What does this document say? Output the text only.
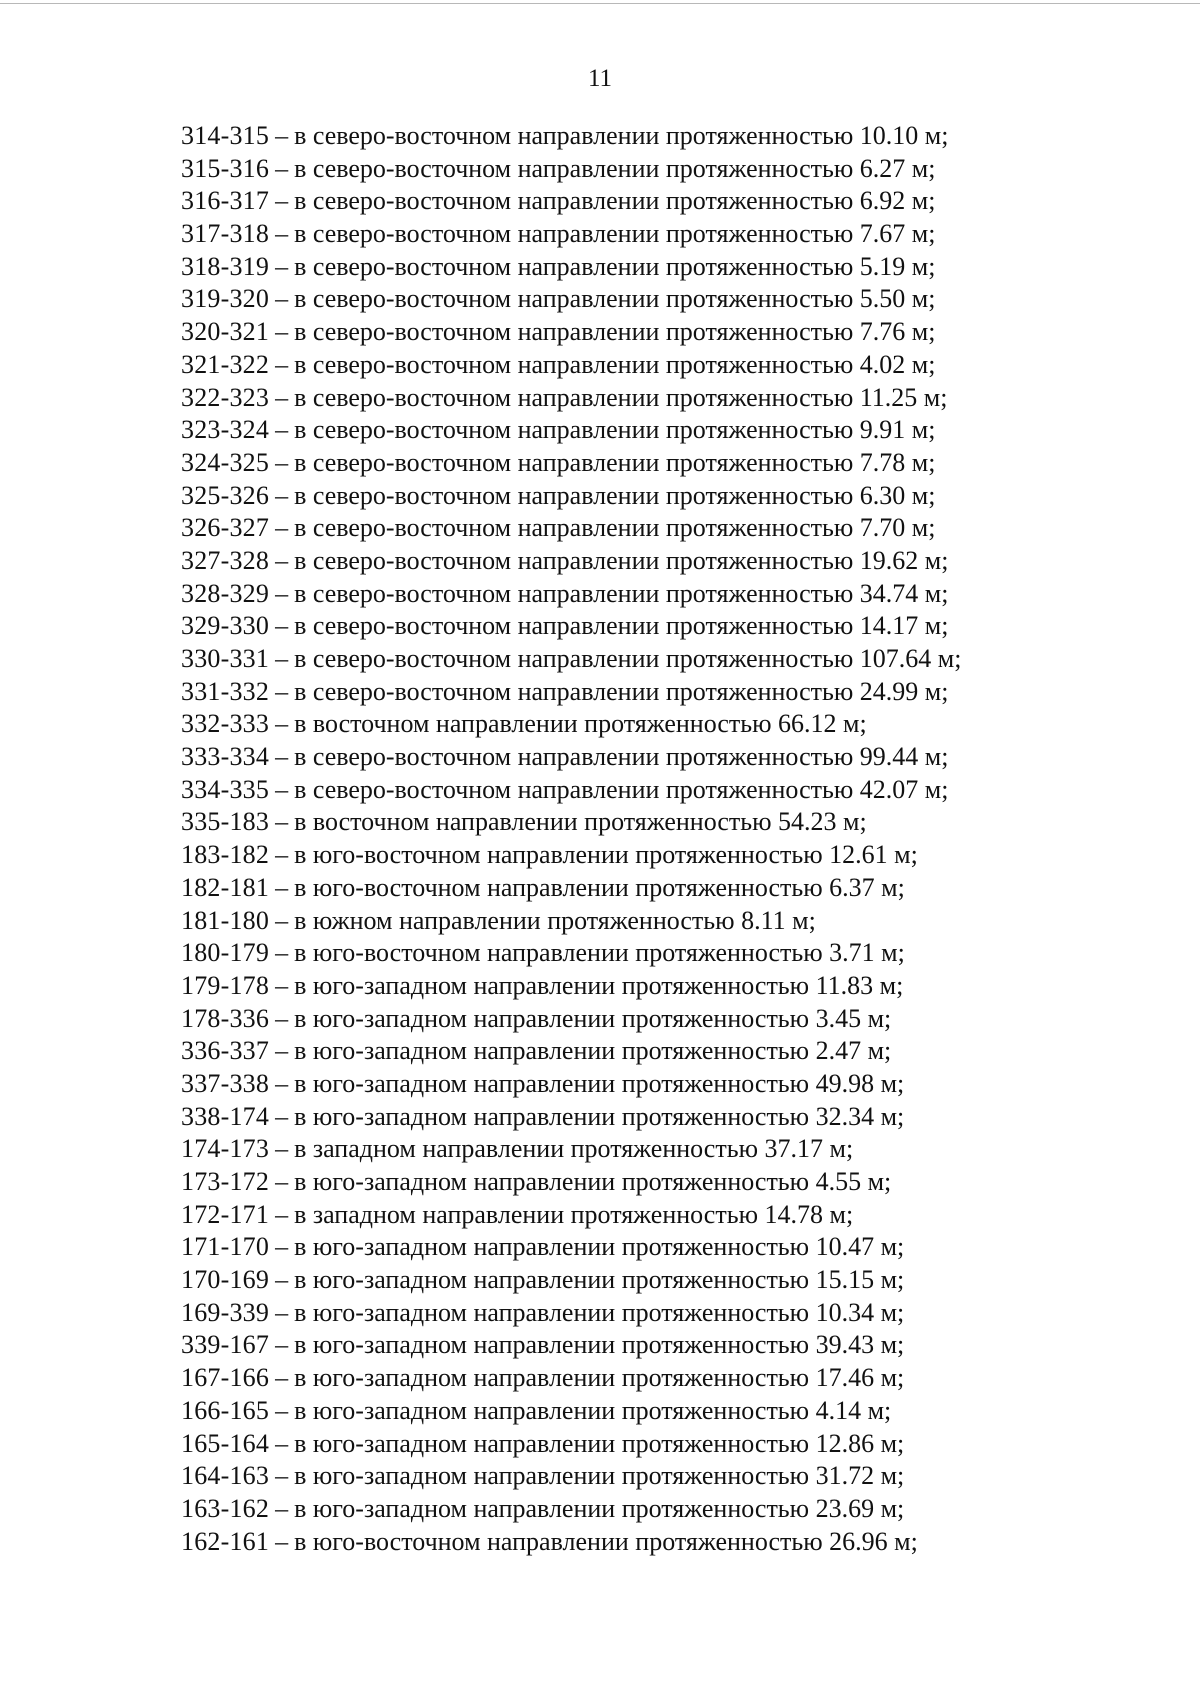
11
314-315 – в северо-восточном направлении протяженностью 10.10 м;
315-316 – в северо-восточном направлении протяженностью 6.27 м;
316-317 – в северо-восточном направлении протяженностью 6.92 м;
317-318 – в северо-восточном направлении протяженностью 7.67 м;
318-319 – в северо-восточном направлении протяженностью 5.19 м;
319-320 – в северо-восточном направлении протяженностью 5.50 м;
320-321 – в северо-восточном направлении протяженностью 7.76 м;
321-322 – в северо-восточном направлении протяженностью 4.02 м;
322-323 – в северо-восточном направлении протяженностью 11.25 м;
323-324 – в северо-восточном направлении протяженностью 9.91 м;
324-325 – в северо-восточном направлении протяженностью 7.78 м;
325-326 – в северо-восточном направлении протяженностью 6.30 м;
326-327 – в северо-восточном направлении протяженностью 7.70 м;
327-328 – в северо-восточном направлении протяженностью 19.62 м;
328-329 – в северо-восточном направлении протяженностью 34.74 м;
329-330 – в северо-восточном направлении протяженностью 14.17 м;
330-331 – в северо-восточном направлении протяженностью 107.64 м;
331-332 – в северо-восточном направлении протяженностью 24.99 м;
332-333 – в восточном направлении протяженностью 66.12 м;
333-334 – в северо-восточном направлении протяженностью 99.44 м;
334-335 – в северо-восточном направлении протяженностью 42.07 м;
335-183 – в восточном направлении протяженностью 54.23 м;
183-182 – в юго-восточном направлении протяженностью 12.61 м;
182-181 – в юго-восточном направлении протяженностью 6.37 м;
181-180 – в южном направлении протяженностью 8.11 м;
180-179 – в юго-восточном направлении протяженностью 3.71 м;
179-178 – в юго-западном направлении протяженностью 11.83 м;
178-336 – в юго-западном направлении протяженностью 3.45 м;
336-337 – в юго-западном направлении протяженностью 2.47 м;
337-338 – в юго-западном направлении протяженностью 49.98 м;
338-174 – в юго-западном направлении протяженностью 32.34 м;
174-173 – в западном направлении протяженностью 37.17 м;
173-172 – в юго-западном направлении протяженностью 4.55 м;
172-171 – в западном направлении протяженностью 14.78 м;
171-170 – в юго-западном направлении протяженностью 10.47 м;
170-169 – в юго-западном направлении протяженностью 15.15 м;
169-339 – в юго-западном направлении протяженностью 10.34 м;
339-167 – в юго-западном направлении протяженностью 39.43 м;
167-166 – в юго-западном направлении протяженностью 17.46 м;
166-165 – в юго-западном направлении протяженностью 4.14 м;
165-164 – в юго-западном направлении протяженностью 12.86 м;
164-163 – в юго-западном направлении протяженностью 31.72 м;
163-162 – в юго-западном направлении протяженностью 23.69 м;
162-161 – в юго-восточном направлении протяженностью 26.96 м;
